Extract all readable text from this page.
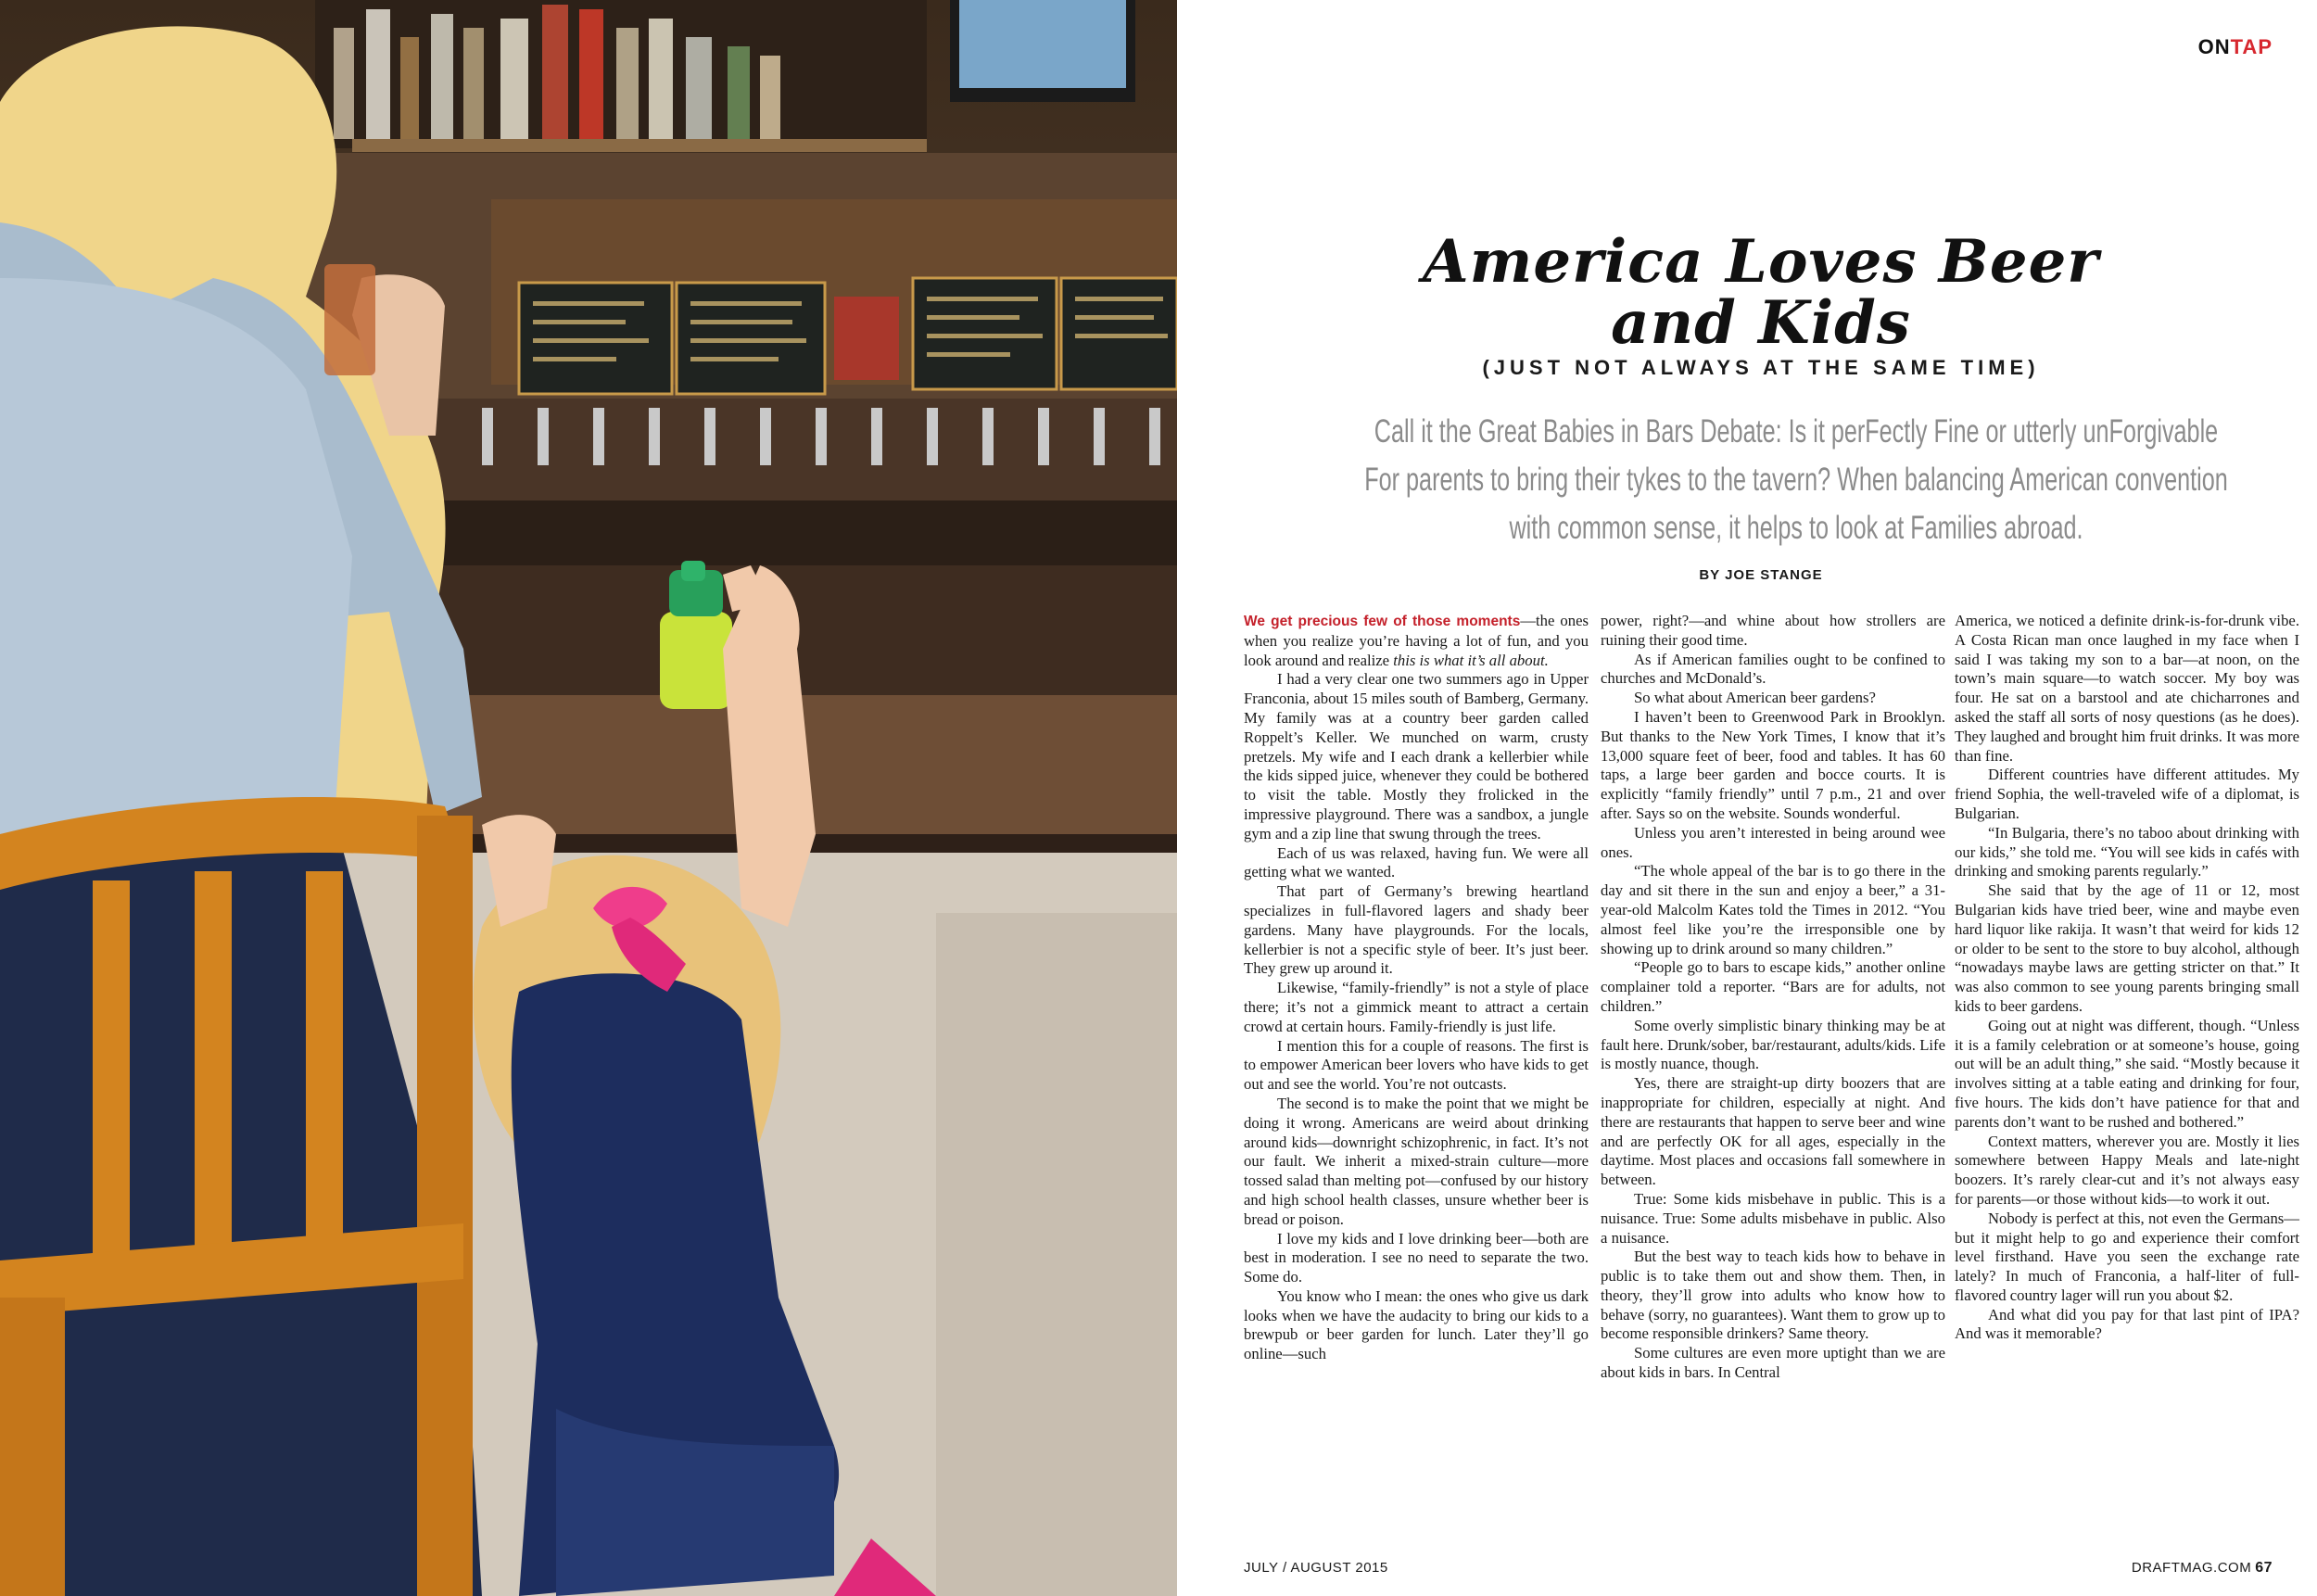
ONTAP
America Loves Beer
and Kids
(JUST NOT ALWAYS AT THE SAME TIME)
Call it the Great Babies in Bars Debate: Is it perFectly Fine or utterly unForgivable
For parents to bring their tykes to the tavern? When balancing American convention
with common sense, it helps to look at Families abroad.
BY JOE STANGE

We get precious few of those moments—the ones when you realize you’re having a lot of fun, and you look around and realize this is what it’s all about.

I had a very clear one two summers ago in Upper Franconia, about 15 miles south of Bamberg, Germany. My family was at a country beer garden called Roppelt’s Keller. We munched on warm, crusty pretzels. My wife and I each drank a kellerbier while the kids sipped juice, whenever they could be bothered to visit the table. Mostly they frolicked in the impressive playground. There was a sandbox, a jungle gym and a zip line that swung through the trees.

Each of us was relaxed, having fun. We were all getting what we wanted.

That part of Germany’s brewing heartland specializes in full-flavored lagers and shady beer gardens. Many have playgrounds. For the locals, kellerbier is not a specific style of beer. It’s just beer. They grew up around it.

Likewise, “family-friendly” is not a style of place there; it’s not a gimmick meant to attract a certain crowd at certain hours. Family-friendly is just life.

I mention this for a couple of reasons. The first is to empower American beer lovers who have kids to get out and see the world. You’re not outcasts.

The second is to make the point that we might be doing it wrong. Americans are weird about drinking around kids—downright schizophrenic, in fact. It’s not our fault. We inherit a mixed-strain culture—more tossed salad than melting pot—confused by our history and high school health classes, unsure whether beer is bread or poison.

I love my kids and I love drinking beer—both are best in moderation. I see no need to separate the two. Some do.

You know who I mean: the ones who give us dark looks when we have the audacity to bring our kids to a brewpub or beer garden for lunch. Later they’ll go online—such

power, right?—and whine about how strollers are ruining their good time.

As if American families ought to be confined to churches and McDonald’s.

So what about American beer gardens?

I haven’t been to Greenwood Park in Brooklyn. But thanks to the New York Times, I know that it’s 13,000 square feet of beer, food and tables. It has 60 taps, a large beer garden and bocce courts. It is explicitly “family friendly” until 7 p.m., 21 and over after. Says so on the website. Sounds wonderful.

Unless you aren’t interested in being around wee ones.

“The whole appeal of the bar is to go there in the day and sit there in the sun and enjoy a beer,” a 31-year-old Malcolm Kates told the Times in 2012. “You almost feel like you’re the irresponsible one by showing up to drink around so many children.”

“People go to bars to escape kids,” another online complainer told a reporter. “Bars are for adults, not children.”

Some overly simplistic binary thinking may be at fault here. Drunk/sober, bar/restaurant, adults/kids. Life is mostly nuance, though.

Yes, there are straight-up dirty boozers that are inappropriate for children, especially at night. And there are restaurants that happen to serve beer and wine and are perfectly OK for all ages, especially in the daytime. Most places and occasions fall somewhere in between.

True: Some kids misbehave in public. This is a nuisance. True: Some adults misbehave in public. Also a nuisance.

But the best way to teach kids how to behave in public is to take them out and show them. Then, in theory, they’ll grow into adults who know how to behave (sorry, no guarantees). Want them to grow up to become responsible drinkers? Same theory.

Some cultures are even more uptight than we are about kids in bars. In Central

America, we noticed a definite drink-is-for-drunk vibe. A Costa Rican man once laughed in my face when I said I was taking my son to a bar—at noon, on the town’s main square—to watch soccer. My boy was four. He sat on a barstool and ate chicharrones and asked the staff all sorts of nosy questions (as he does). They laughed and brought him fruit drinks. It was more than fine.

Different countries have different attitudes. My friend Sophia, the well-traveled wife of a diplomat, is Bulgarian.

“In Bulgaria, there’s no taboo about drinking with our kids,” she told me. “You will see kids in cafés with drinking and smoking parents regularly.”

She said that by the age of 11 or 12, most Bulgarian kids have tried beer, wine and maybe even hard liquor like rakija. It wasn’t that weird for kids 12 or older to be sent to the store to buy alcohol, although “nowadays maybe laws are getting stricter on that.” It was also common to see young parents bringing small kids to beer gardens.

Going out at night was different, though. “Unless it is a family celebration or at someone’s house, going out will be an adult thing,” she said. “Mostly because it involves sitting at a table eating and drinking for four, five hours. The kids don’t have patience for that and parents don’t want to be rushed and bothered.”

Context matters, wherever you are. Mostly it lies somewhere between Happy Meals and late-night boozers. It’s rarely clear-cut and it’s not always easy for parents—or those without kids—to work it out.

Nobody is perfect at this, not even the Germans—but it might help to go and experience their comfort level firsthand. Have you seen the exchange rate lately? In much of Franconia, a half-liter of full-flavored country lager will run you about $2.

And what did you pay for that last pint of IPA? And was it memorable?

JULY / AUGUST 2015	DRAFTMAG.COM 67
